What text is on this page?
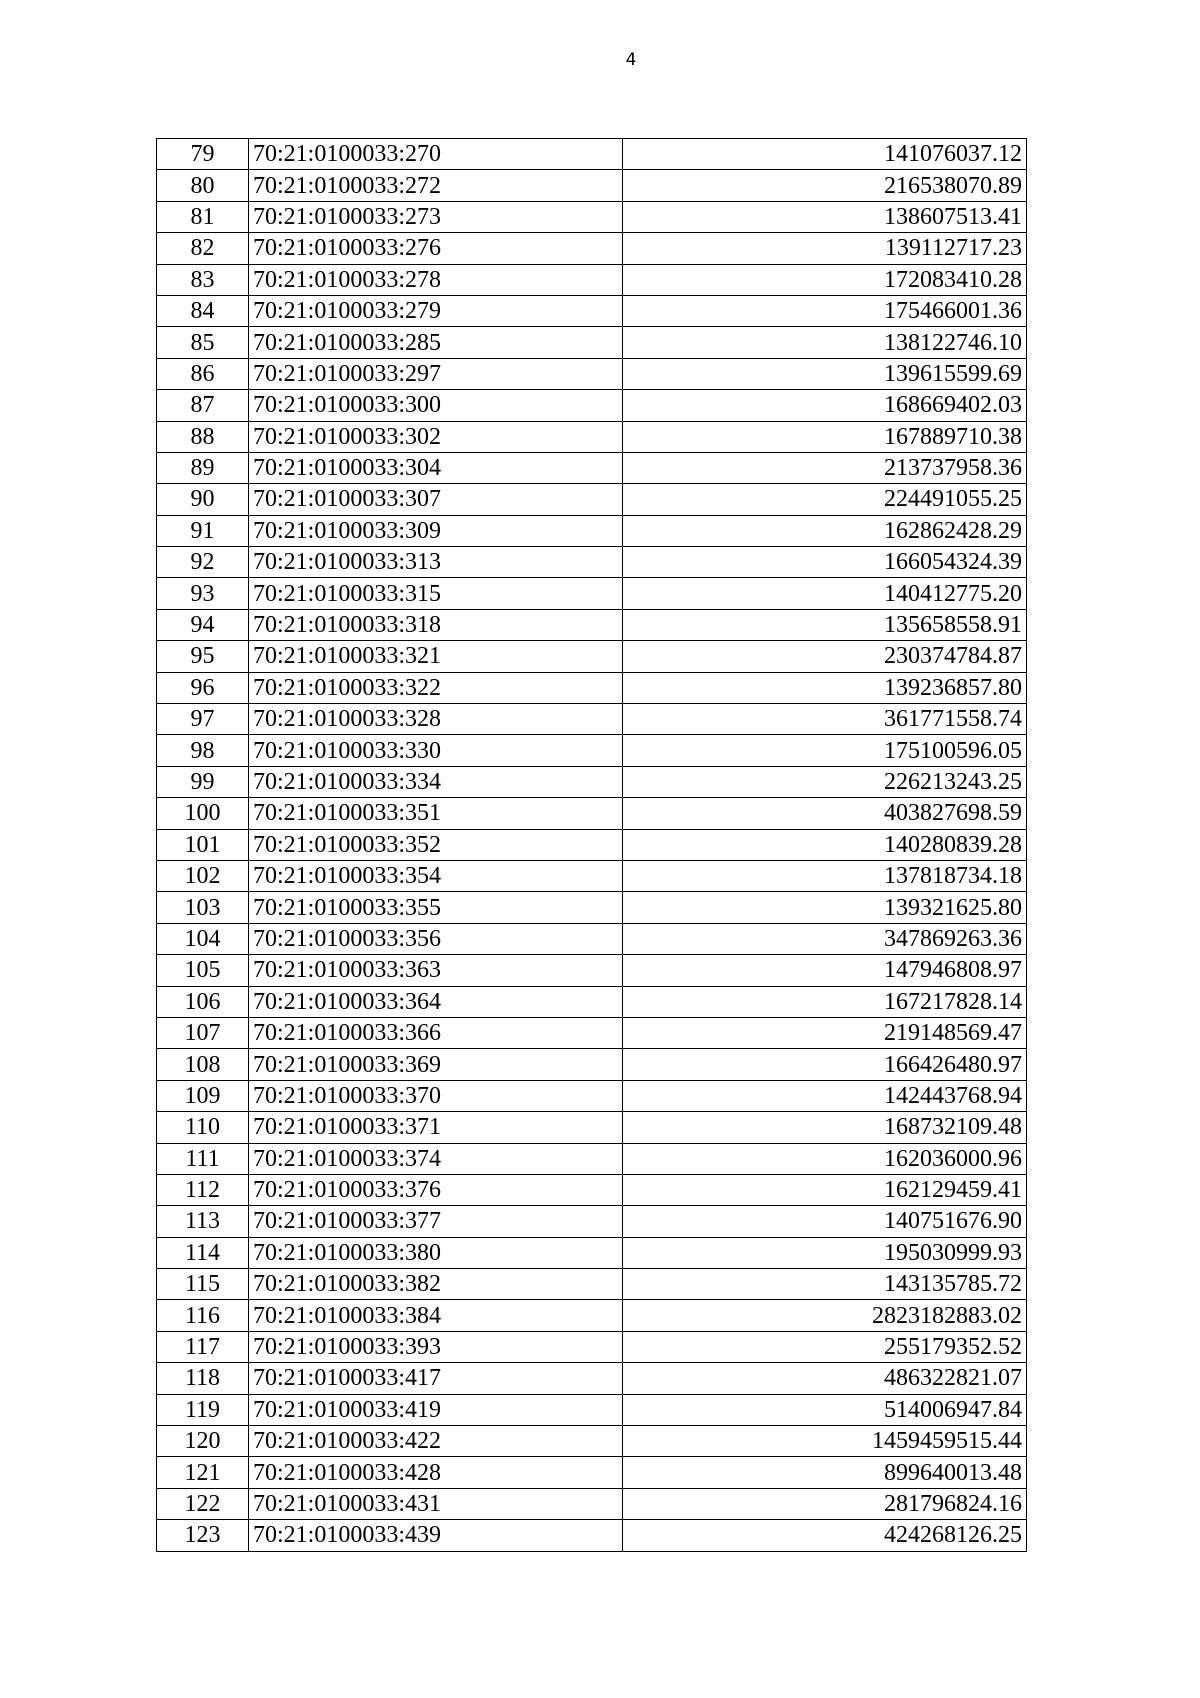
4
79	70:21:0100033:270	141076037.12
80	70:21:0100033:272	216538070.89
81	70:21:0100033:273	138607513.41
82	70:21:0100033:276	139112717.23
83	70:21:0100033:278	172083410.28
84	70:21:0100033:279	175466001.36
85	70:21:0100033:285	138122746.10
86	70:21:0100033:297	139615599.69
87	70:21:0100033:300	168669402.03
88	70:21:0100033:302	167889710.38
89	70:21:0100033:304	213737958.36
90	70:21:0100033:307	224491055.25
91	70:21:0100033:309	162862428.29
92	70:21:0100033:313	166054324.39
93	70:21:0100033:315	140412775.20
94	70:21:0100033:318	135658558.91
95	70:21:0100033:321	230374784.87
96	70:21:0100033:322	139236857.80
97	70:21:0100033:328	361771558.74
98	70:21:0100033:330	175100596.05
99	70:21:0100033:334	226213243.25
100	70:21:0100033:351	403827698.59
101	70:21:0100033:352	140280839.28
102	70:21:0100033:354	137818734.18
103	70:21:0100033:355	139321625.80
104	70:21:0100033:356	347869263.36
105	70:21:0100033:363	147946808.97
106	70:21:0100033:364	167217828.14
107	70:21:0100033:366	219148569.47
108	70:21:0100033:369	166426480.97
109	70:21:0100033:370	142443768.94
110	70:21:0100033:371	168732109.48
111	70:21:0100033:374	162036000.96
112	70:21:0100033:376	162129459.41
113	70:21:0100033:377	140751676.90
114	70:21:0100033:380	195030999.93
115	70:21:0100033:382	143135785.72
116	70:21:0100033:384	2823182883.02
117	70:21:0100033:393	255179352.52
118	70:21:0100033:417	486322821.07
119	70:21:0100033:419	514006947.84
120	70:21:0100033:422	1459459515.44
121	70:21:0100033:428	899640013.48
122	70:21:0100033:431	281796824.16
123	70:21:0100033:439	424268126.25
